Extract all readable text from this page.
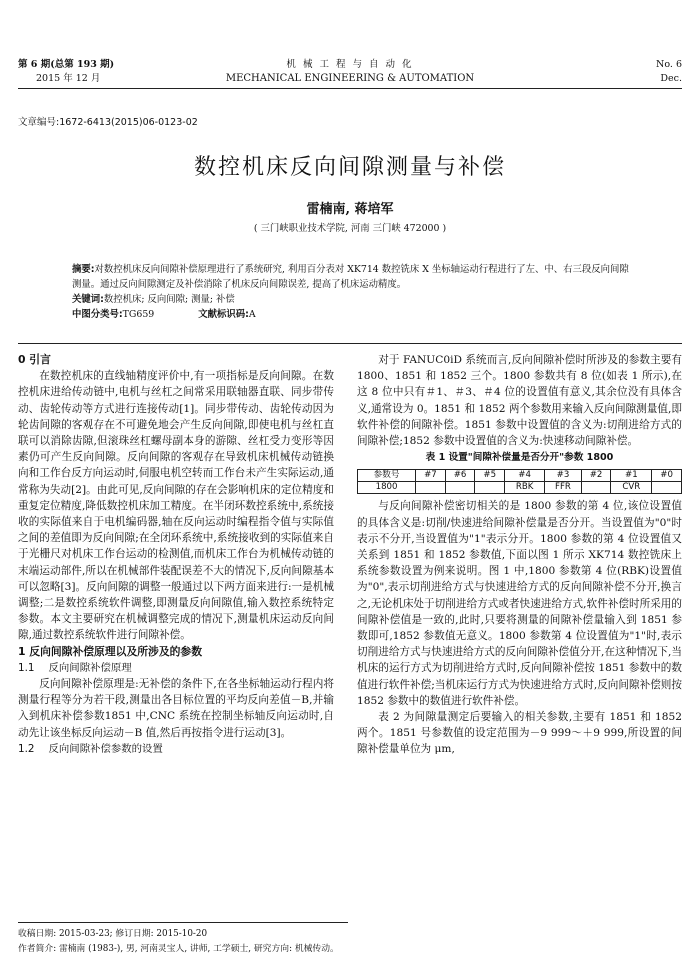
第 6 期(总第 193 期)
2015 年 12 月
机 械 工 程 与 自 动 化
MECHANICAL ENGINEERING & AUTOMATION
No. 6
Dec.
文章编号:1672-6413(2015)06-0123-02
数控机床反向间隙测量与补偿
雷楠南, 蒋培军
( 三门峡职业技术学院, 河南 三门峡 472000 )
摘要:对数控机床反向间隙补偿原理进行了系统研究, 利用百分表对 XK714 数控铣床 X 坐标轴运动行程进行了左、中、右三段反向间隙测量。通过反向间隙测定及补偿消除了机床反向间隙误差, 提高了机床运动精度。
关键词:数控机床; 反向间隙; 测量; 补偿
中图分类号:TG659	文献标识码:A

0 引言

在数控机床的直线轴精度评价中,有一项指标是反向间隙。在数控机床进给传动链中,电机与丝杠之间常采用联轴器直联、同步带传动、齿轮传动等方式进行连接传动[1]。同步带传动、齿轮传动因为轮齿间隙的客观存在不可避免地会产生反向间隙,即使电机与丝杠直联可以消除齿隙,但滚珠丝杠螺母副本身的游隙、丝杠受力变形等因素仍可产生反向间隙。反向间隙的客观存在导致机床机械传动链换向和工作台反方向运动时,伺服电机空转而工作台未产生实际运动,通常称为失动[2]。由此可见,反向间隙的存在会影响机床的定位精度和重复定位精度,降低数控机床加工精度。在半闭环数控系统中,系统接收的实际值来自于电机编码器,轴在反向运动时编程指令值与实际值之间的差值即为反向间隙;在全闭环系统中,系统接收到的实际值来自于光栅尺对机床工作台运动的检测值,而机床工作台为机械传动链的末端运动部件,所以在机械部件装配误差不大的情况下,反向间隙基本可以忽略[3]。反向间隙的调整一般通过以下两方面来进行:一是机械调整;二是数控系统软件调整,即测量反向间隙值,输入数控系统特定参数。本文主要研究在机械调整完成的情况下,测量机床运动反向间隙,通过数控系统软件进行间隙补偿。

1 反向间隙补偿原理以及所涉及的参数

1.1 反向间隙补偿原理

反向间隙补偿原理是:无补偿的条件下,在各坐标轴运动行程内将测量行程等分为若干段,测量出各目标位置的平均反向差值－B,并输入到机床补偿参数1851 中,CNC 系统在控制坐标轴反向运动时,自动先让该坐标反向运动－B 值,然后再按指令进行运动[3]。

1.2 反向间隙补偿参数的设置

对于 FANUC0iD 系统而言,反向间隙补偿时所涉及的参数主要有 1800、1851 和 1852 三个。1800 参数共有 8 位(如表 1 所示),在这 8 位中只有＃1、＃3、＃4 位的设置值有意义,其余位没有具体含义,通常设为 0。1851 和 1852 两个参数用来输入反向间隙测量值,即软件补偿的间隙补偿。1851 参数中设置值的含义为:切削进给方式的间隙补偿;1852 参数中设置值的含义为:快速移动间隙补偿。

表 1 设置"间隙补偿量是否分开"参数 1800

参数号	#7	#6	#5	#4	#3	#2	#1	#0
1800				RBK	FFR		CVR	

与反向间隙补偿密切相关的是 1800 参数的第 4 位,该位设置值的具体含义是:切削/快速进给间隙补偿量是否分开。当设置值为"0"时表示不分开,当设置值为"1"表示分开。1800 参数的第 4 位设置值又关系到 1851 和 1852 参数值,下面以图 1 所示 XK714 数控铣床上系统参数设置为例来说明。图 1 中,1800 参数第 4 位(RBK)设置值为"0",表示切削进给方式与快速进给方式的反向间隙补偿不分开,换言之,无论机床处于切削进给方式或者快速进给方式,软件补偿时所采用的间隙补偿值是一致的,此时,只要将测量的间隙补偿量输入到 1851 参数即可,1852 参数值无意义。1800 参数第 4 位设置值为"1"时,表示切削进给方式与快速进给方式的反向间隙补偿值分开,在这种情况下,当机床的运行方式为切削进给方式时,反向间隙补偿按 1851 参数中的数值进行软件补偿;当机床运行方式为快速进给方式时,反向间隙补偿则按 1852 参数中的数值进行软件补偿。

表 2 为间隙量测定后要输入的相关参数,主要有 1851 和 1852 两个。1851 号参数值的设定范围为－9 999～＋9 999,所设置的间隙补偿量单位为 μm,

收稿日期: 2015-03-23; 修订日期: 2015-10-20
作者简介: 雷楠南 (1983-), 男, 河南灵宝人, 讲师, 工学硕士, 研究方向: 机械传动。
